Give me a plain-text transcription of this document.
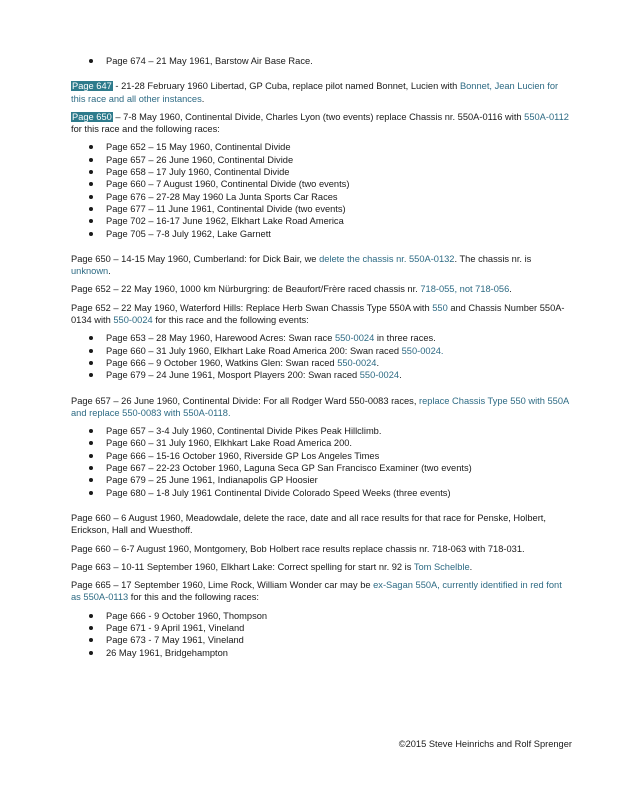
Page 674 – 21 May 1961, Barstow Air Base Race.

Page 647 - 21-28 February 1960 Libertad, GP Cuba, replace pilot named Bonnet, Lucien with Bonnet, Jean Lucien for this race and all other instances.

Page 650 – 7-8 May 1960, Continental Divide, Charles Lyon (two events) replace Chassis nr. 550A-0116 with 550A-0112 for this race and the following races:

Page 652 – 15 May 1960, Continental Divide
Page 657 – 26 June 1960, Continental Divide
Page 658 – 17 July 1960, Continental Divide
Page 660 – 7 August 1960, Continental Divide (two events)
Page 676 – 27-28 May 1960 La Junta Sports Car Races
Page 677 – 11 June 1961, Continental Divide (two events)
Page 702 – 16-17 June 1962, Elkhart Lake Road America
Page 705 – 7-8 July 1962, Lake Garnett

Page 650 – 14-15 May 1960, Cumberland: for Dick Bair, we delete the chassis nr. 550A-0132. The chassis nr. is unknown.

Page 652 – 22 May 1960, 1000 km Nürburgring: de Beaufort/Frère raced chassis nr. 718-055, not 718-056.

Page 652 – 22 May 1960, Waterford Hills: Replace Herb Swan Chassis Type 550A with 550 and Chassis Number 550A-0134 with 550-0024 for this race and the following events:

Page 653 – 28 May 1960, Harewood Acres: Swan race 550-0024 in three races.
Page 660 – 31 July 1960, Elkhart Lake Road America 200: Swan raced 550-0024.
Page 666 – 9 October 1960, Watkins Glen: Swan raced 550-0024.
Page 679 – 24 June 1961, Mosport Players 200: Swan raced 550-0024.

Page 657 – 26 June 1960, Continental Divide: For all Rodger Ward 550-0083 races, replace Chassis Type 550 with 550A and replace 550-0083 with 550A-0118.

Page 657 – 3-4 July 1960, Continental Divide Pikes Peak Hillclimb.
Page 660 – 31 July 1960, Elkhkart Lake Road America 200.
Page 666 – 15-16 October 1960, Riverside GP Los Angeles Times
Page 667 – 22-23 October 1960, Laguna Seca GP San Francisco Examiner (two events)
Page 679 – 25 June 1961, Indianapolis GP Hoosier
Page 680 – 1-8 July 1961 Continental Divide Colorado Speed Weeks (three events)

Page 660 – 6 August 1960, Meadowdale, delete the race, date and all race results for that race for Penske, Holbert, Erickson, Hall and Wuesthoff.

Page 660 – 6-7 August 1960, Montgomery, Bob Holbert race results replace chassis nr. 718-063 with 718-031.

Page 663 – 10-11 September 1960, Elkhart Lake: Correct spelling for start nr. 92 is Tom Schelble.

Page 665 – 17 September 1960, Lime Rock, William Wonder car may be ex-Sagan 550A, currently identified in red font as 550A-0113 for this and the following races:

Page 666 - 9 October 1960, Thompson
Page 671 - 9 April 1961, Vineland
Page 673 - 7 May 1961, Vineland
26 May 1961, Bridgehampton
©2015 Steve Heinrichs and Rolf Sprenger
